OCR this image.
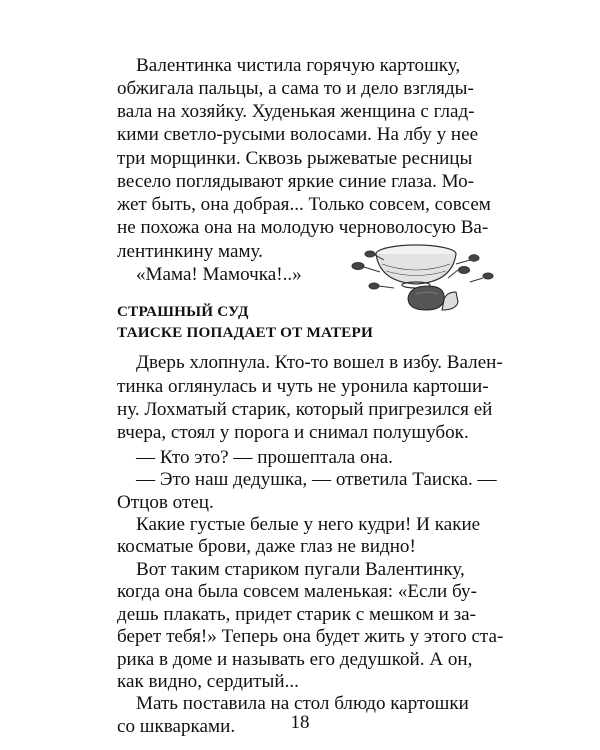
Валентинка чистила горячую картошку,

обжигала пальцы, а сама то и дело взгляды-

вала на хозяйку. Худенькая женщина с глад-

кими светло-русыми волосами. На лбу у нее

три морщинки. Сквозь рыжеватые ресницы

весело поглядывают яркие синие глаза. Мо-

жет быть, она добрая... Только совсем, совсем

не похожа она на молодую черноволосую Ва-

лентинкину маму.

«Мама! Мамочка!..»

СТРАШНЫЙ СУД

ТАИСКЕ ПОПАДАЕТ ОТ МАТЕРИ

Дверь хлопнула. Кто-то вошел в избу. Вален-

тинка оглянулась и чуть не уронила картоши-

ну. Лохматый старик, который пригрезился ей

вчера, стоял у порога и снимал полушубок.

— Кто это? — прошептала она.

— Это наш дедушка, — ответила Таиска. —

Отцов отец.

Какие густые белые у него кудри! И какие

косматые брови, даже глаз не видно!

Вот таким стариком пугали Валентинку,

когда она была совсем маленькая: «Если бу-

дешь плакать, придет старик с мешком и за-

берет тебя!» Теперь она будет жить у этого ста-

рика в доме и называть его дедушкой. А он,

как видно, сердитый...

18

Мать поставила на стол блюдо картошки

со шкварками.
